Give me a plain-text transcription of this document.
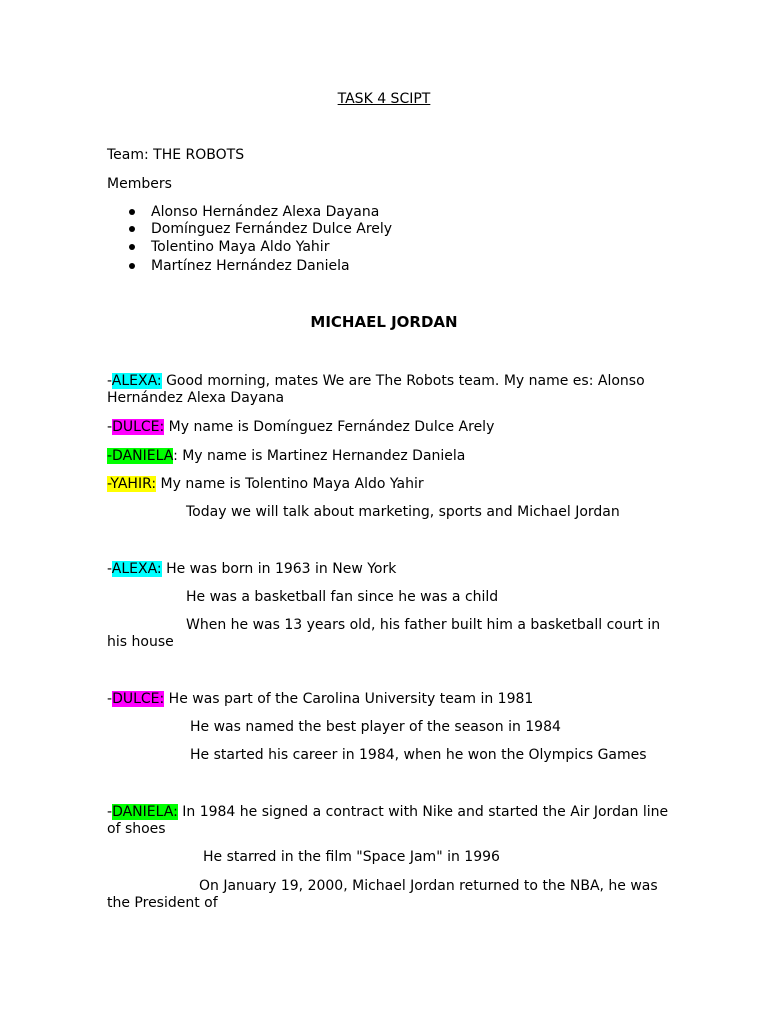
TASK 4 SCIPT
Team: THE ROBOTS
Members
Alonso Hernández Alexa Dayana
Domínguez Fernández Dulce Arely
Tolentino Maya Aldo Yahir
Martínez Hernández Daniela
MICHAEL JORDAN
-ALEXA: Good morning, mates We are The Robots team. My name es: Alonso Hernández Alexa Dayana
-DULCE: My name is Domínguez Fernández Dulce Arely
-DANIELA: My name is Martinez Hernandez Daniela
-YAHIR: My name is Tolentino Maya Aldo Yahir
Today we will talk about marketing, sports and Michael Jordan
-ALEXA: He was born in 1963 in New York
He was a basketball fan since he was a child
When he was 13 years old, his father built him a basketball court in
his house
-DULCE: He was part of the Carolina University team in 1981
He was named the best player of the season in 1984
He started his career in 1984, when he won the Olympics Games
-DANIELA: In 1984 he signed a contract with Nike and started the Air Jordan line
of shoes
He starred in the film "Space Jam" in 1996
On January 19, 2000, Michael Jordan returned to the NBA, he was
the President of
